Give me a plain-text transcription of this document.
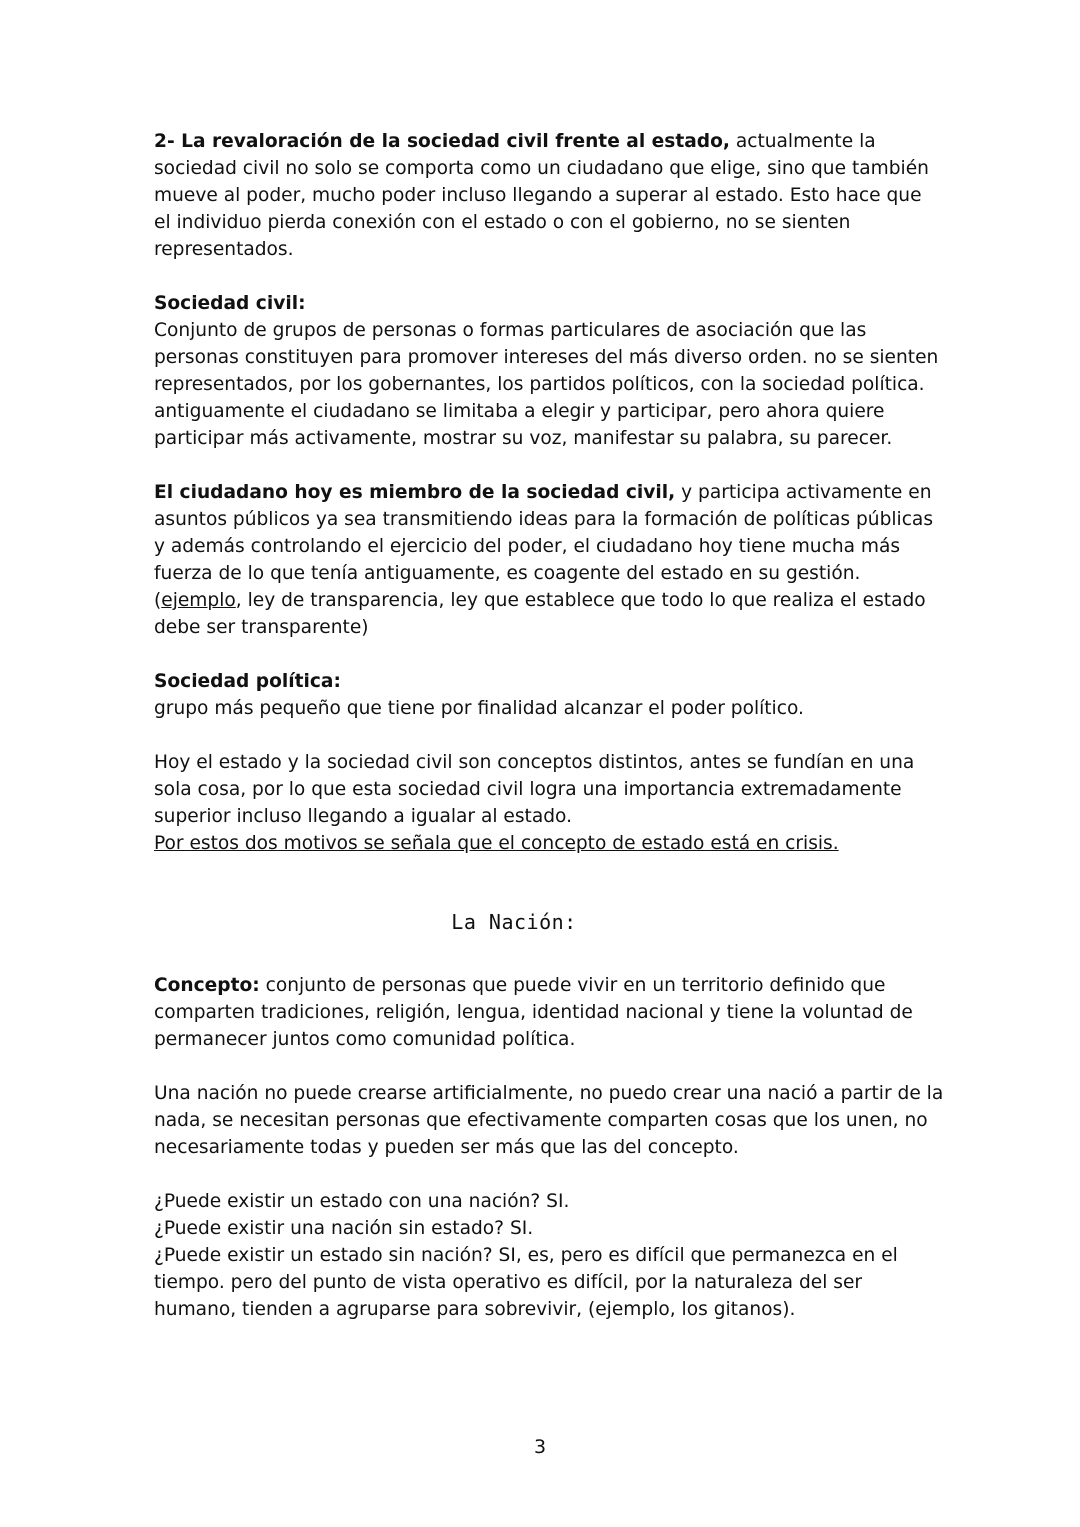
2- La revaloración de la sociedad civil frente al estado, actualmente la sociedad civil no solo se comporta como un ciudadano que elige, sino que también mueve al poder, mucho poder incluso llegando a superar al estado. Esto hace que el individuo pierda conexión con el estado o con el gobierno, no se sienten representados.

Sociedad civil:

Conjunto de grupos de personas o formas particulares de asociación que las personas constituyen para promover intereses del más diverso orden. no se sienten representados, por los gobernantes, los partidos políticos, con la sociedad política. antiguamente el ciudadano se limitaba a elegir y participar, pero ahora quiere participar más activamente, mostrar su voz, manifestar su palabra, su parecer.

El ciudadano hoy es miembro de la sociedad civil, y participa activamente en asuntos públicos ya sea transmitiendo ideas para la formación de políticas públicas y además controlando el ejercicio del poder, el ciudadano hoy tiene mucha más fuerza de lo que tenía antiguamente, es coagente del estado en su gestión.

(ejemplo, ley de transparencia, ley que establece que todo lo que realiza el estado debe ser transparente)

Sociedad política:

grupo más pequeño que tiene por finalidad alcanzar el poder político.

Hoy el estado y la sociedad civil son conceptos distintos, antes se fundían en una sola cosa, por lo que esta sociedad civil logra una importancia extremadamente superior incluso llegando a igualar al estado.

Por estos dos motivos se señala que el concepto de estado está en crisis.

La Nación:

Concepto: conjunto de personas que puede vivir en un territorio definido que comparten tradiciones, religión, lengua, identidad nacional y tiene la voluntad de permanecer juntos como comunidad política.

Una nación no puede crearse artificialmente, no puedo crear una nació a partir de la nada, se necesitan personas que efectivamente comparten cosas que los unen, no necesariamente todas y pueden ser más que las del concepto.

¿Puede existir un estado con una nación? SI.

¿Puede existir una nación sin estado? SI.

¿Puede existir un estado sin nación? SI, es, pero es difícil que permanezca en el tiempo. pero del punto de vista operativo es difícil, por la naturaleza del ser humano, tienden a agruparse para sobrevivir, (ejemplo, los gitanos).

3
